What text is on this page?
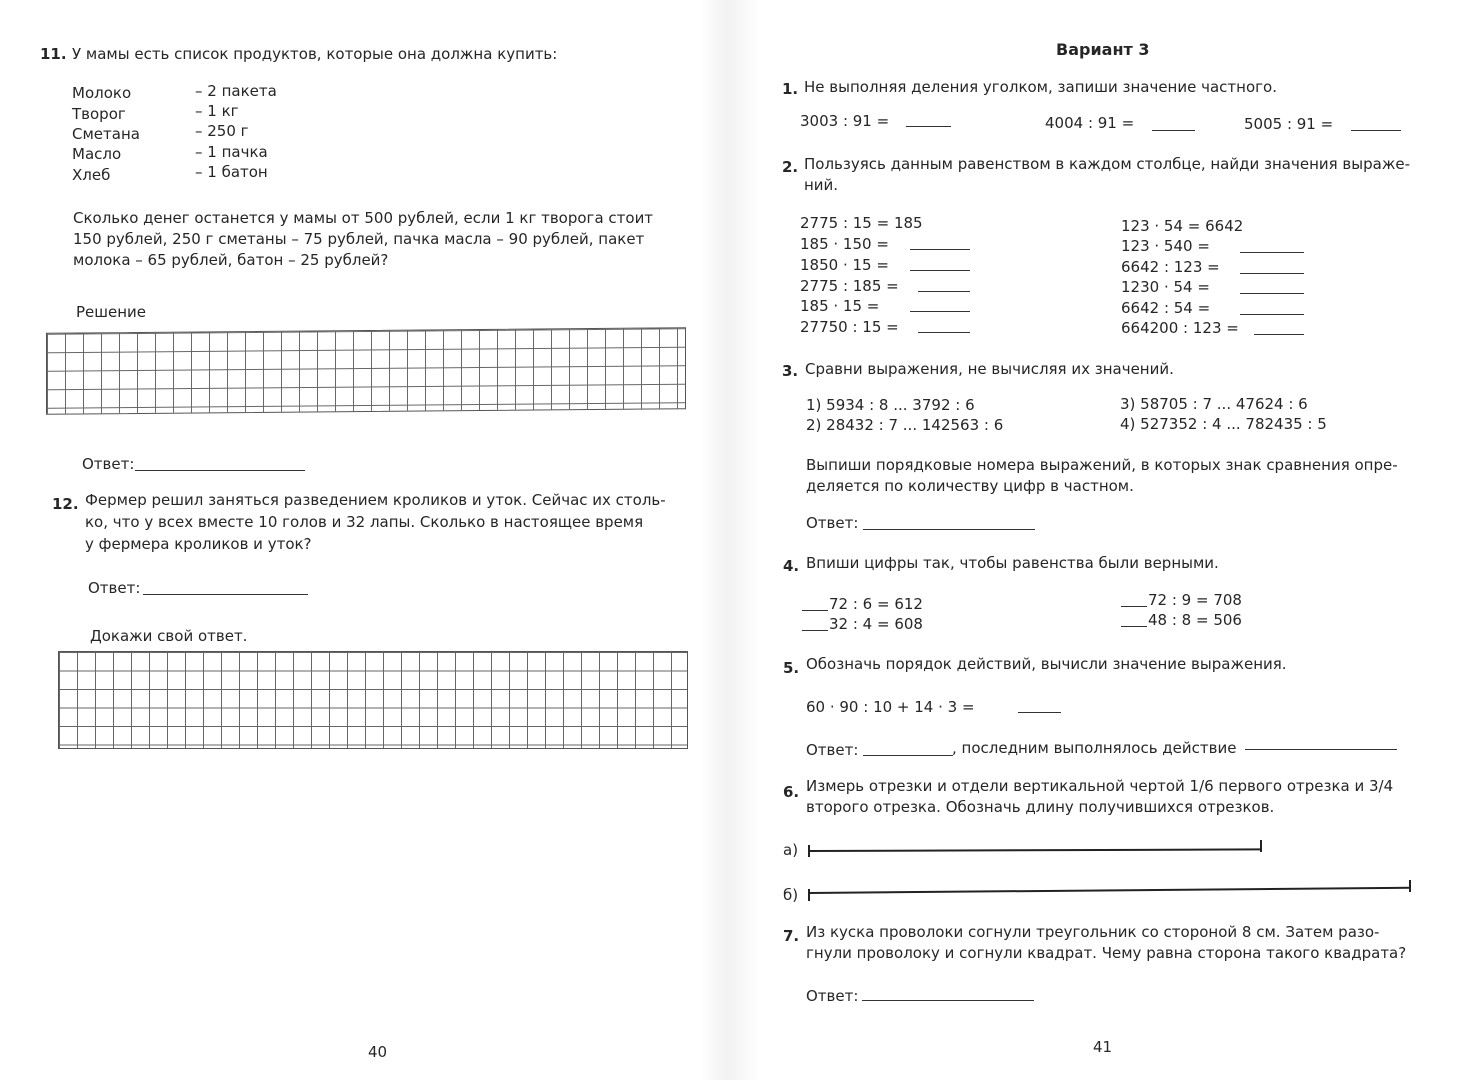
11. У мамы есть список продуктов, которые она должна купить:
Молоко	– 2 пакета
Творог	– 1 кг
Сметана	– 250 г
Масло	– 1 пачка
Хлеб	– 1 батон
Сколько денег останется у мамы от 500 рублей, если 1 кг творога стоит
150 рублей, 250 г сметаны – 75 рублей, пачка масла – 90 рублей, пакет
молока – 65 рублей, батон – 25 рублей?
Решение
Ответ:
12. Фермер решил заняться разведением кроликов и уток. Сейчас их столь-
ко, что у всех вместе 10 голов и 32 лапы. Сколько в настоящее время
у фермера кроликов и уток?
Ответ:
Докажи свой ответ.
40
Вариант 3
1. Не выполняя деления уголком, запиши значение частного.
3003 : 91 =	4004 : 91 =	5005 : 91 =
2. Пользуясь данным равенством в каждом столбце, найди значения выраже-
ний.
2775 : 15 = 185
185 · 150 =
1850 · 15 =
2775 : 185 =
185 · 15 =
27750 : 15 =
123 · 54 = 6642
123 · 540 =
6642 : 123 =
1230 · 54 =
6642 : 54 =
664200 : 123 =
3. Сравни выражения, не вычисляя их значений.
1) 5934 : 8 ... 3792 : 6
2) 28432 : 7 ... 142563 : 6
3) 58705 : 7 ... 47624 : 6
4) 527352 : 4 ... 782435 : 5
Выпиши порядковые номера выражений, в которых знак сравнения опре-
деляется по количеству цифр в частном.
Ответ:
4. Впиши цифры так, чтобы равенства были верными.
72 : 6 = 612
32 : 4 = 608
72 : 9 = 708
48 : 8 = 506
5. Обозначь порядок действий, вычисли значение выражения.
60 · 90 : 10 + 14 · 3 =
Ответ:	, последним выполнялось действие
6. Измерь отрезки и отдели вертикальной чертой 1/6 первого отрезка и 3/4
второго отрезка. Обозначь длину получившихся отрезков.
а)
б)
7. Из куска проволоки согнули треугольник со стороной 8 см. Затем разо-
гнули проволоку и согнули квадрат. Чему равна сторона такого квадрата?
Ответ:
41
